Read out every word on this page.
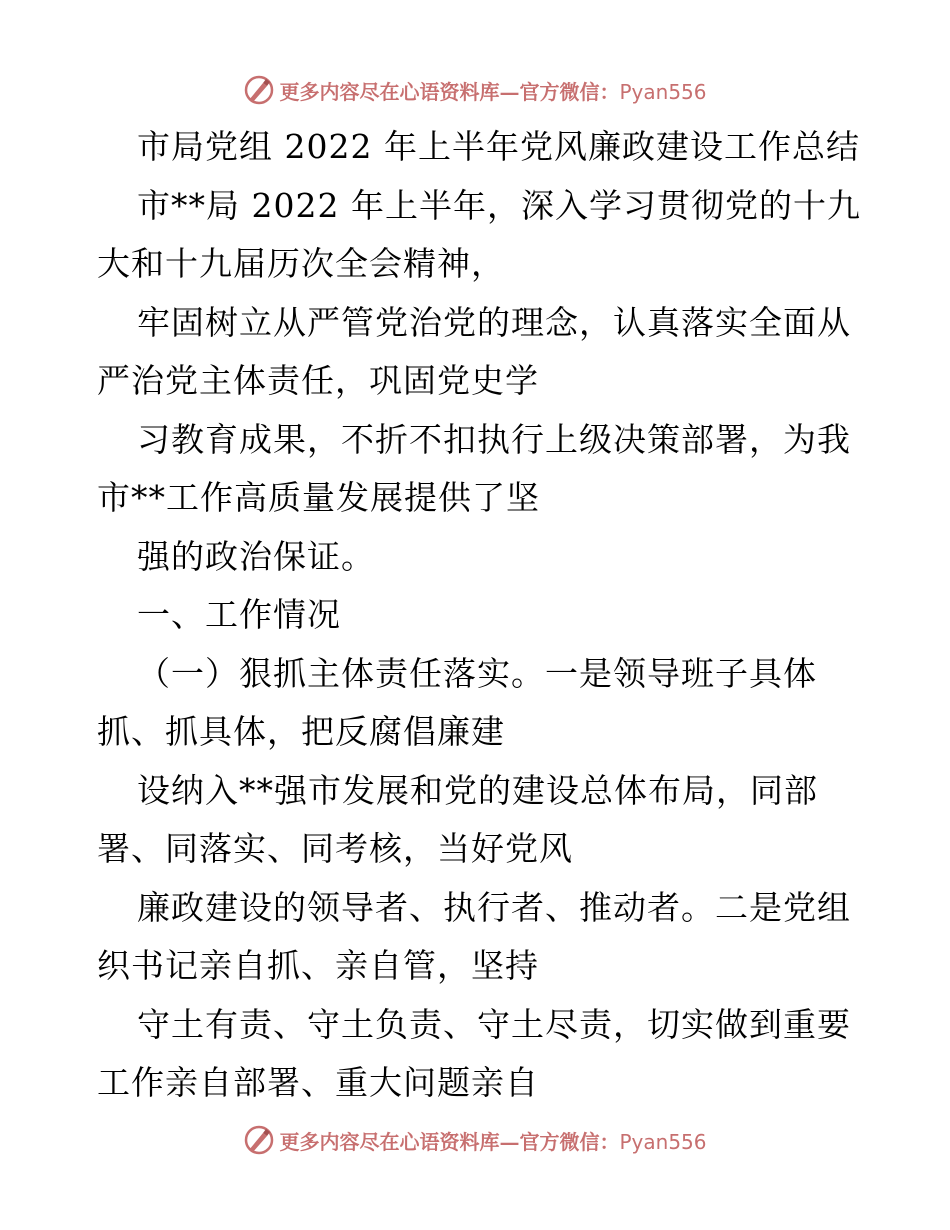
更多内容尽在心语资料库—官方微信：Pyan556
市局党组 2022 年上半年党风廉政建设工作总结
市**局 2022 年上半年，深入学习贯彻党的十九
大和十九届历次全会精神，
牢固树立从严管党治党的理念，认真落实全面从
严治党主体责任，巩固党史学
习教育成果，不折不扣执行上级决策部署，为我
市**工作高质量发展提供了坚
强的政治保证。
一、工作情况
（一）狠抓主体责任落实。一是领导班子具体
抓、抓具体，把反腐倡廉建
设纳入**强市发展和党的建设总体布局，同部
署、同落实、同考核，当好党风
廉政建设的领导者、执行者、推动者。二是党组
织书记亲自抓、亲自管，坚持
守土有责、守土负责、守土尽责，切实做到重要
工作亲自部署、重大问题亲自
更多内容尽在心语资料库—官方微信：Pyan556
